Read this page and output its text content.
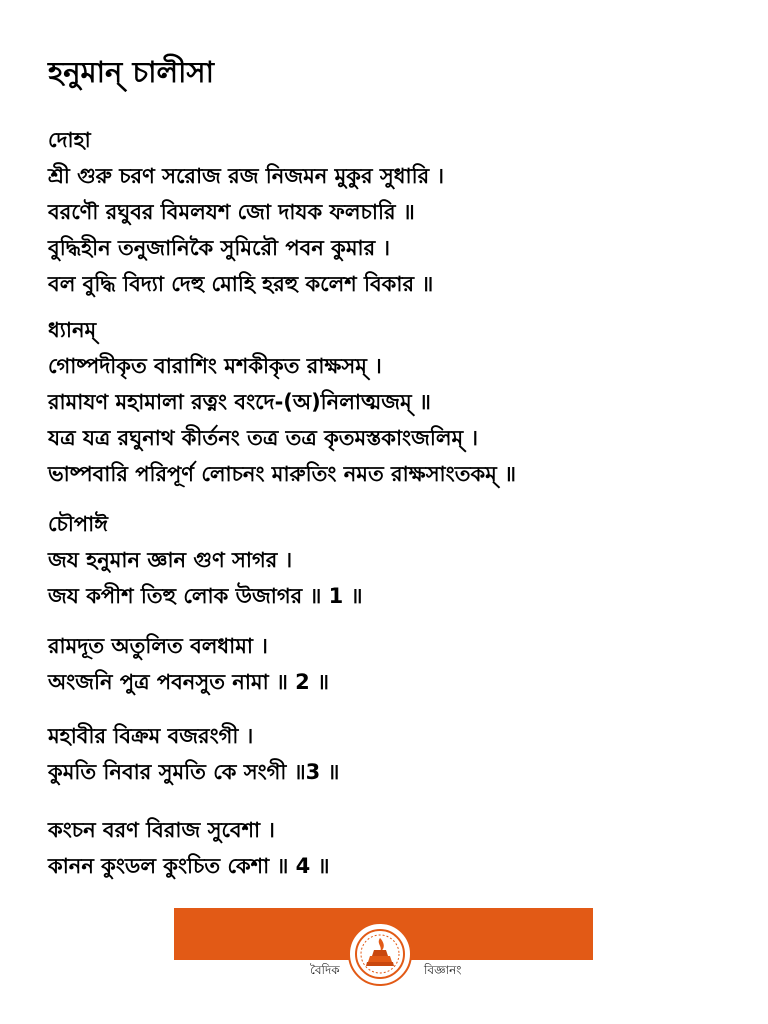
হনুমান্ চালীসা
দোহা
শ্রী গুরু চরণ সরোজ রজ নিজমন মুকুর সুধারি ।
বরণৌ রঘুবর বিমলযশ জো দাযক ফলচারি ॥
বুদ্ধিহীন তনুজানিকৈ সুমিরৌ পবন কুমার ।
বল বুদ্ধি বিদ্যা দেহু মোহি হরহু কলেশ বিকার ॥
ধ্যানম্
গোষ্পদীকৃত বারাশিং মশকীকৃত রাক্ষসম্ ।
রামাযণ মহামালা রত্নং বংদে-(অ)নিলাত্মজম্ ॥
যত্র যত্র রঘুনাথ কীর্তনং তত্র তত্র কৃতমস্তকাংজলিম্ ।
ভাষ্পবারি পরিপূর্ণ লোচনং মারুতিং নমত রাক্ষসাংতকম্ ॥
চৌপাঈ
জয হনুমান জ্ঞান গুণ সাগর ।
জয কপীশ তিহু লোক উজাগর ॥ 1 ॥
রামদূত অতুলিত বলধামা ।
অংজনি পুত্র পবনসুত নামা ॥ 2 ॥
মহাবীর বিক্রম বজরংগী ।
কুমতি নিবার সুমতি কে সংগী ॥3 ॥
কংচন বরণ বিরাজ সুবেশা ।
কানন কুংডল কুংচিত কেশা ॥ 4 ॥
বৈদিক	বিজ্ঞানং
